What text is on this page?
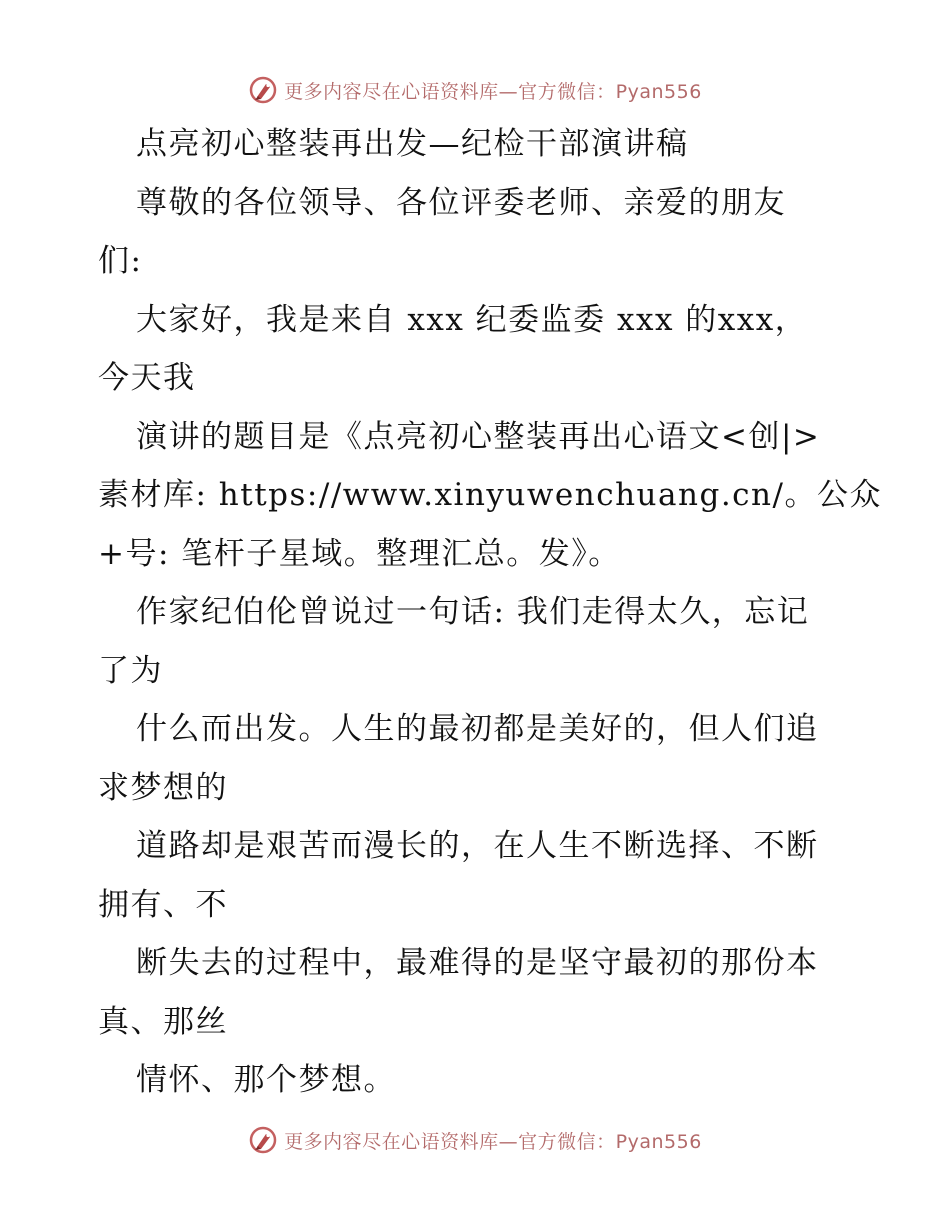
更多内容尽在心语资料库—官方微信：Pyan556
点亮初心整装再出发—纪检干部演讲稿
尊敬的各位领导、各位评委老师、亲爱的朋友
们:
大家好，我是来自 xxx 纪委监委 xxx 的xxx，
今天我
演讲的题目是《点亮初心整装再出心语文<创|>
素材库: https://www.xinyuwenchuang.cn/。公众
+号: 笔杆子星域。整理汇总。发》。
作家纪伯伦曾说过一句话: 我们走得太久，忘记
了为
什么而出发。人生的最初都是美好的，但人们追
求梦想的
道路却是艰苦而漫长的，在人生不断选择、不断
拥有、不
断失去的过程中，最难得的是坚守最初的那份本
真、那丝
情怀、那个梦想。
更多内容尽在心语资料库—官方微信：Pyan556
